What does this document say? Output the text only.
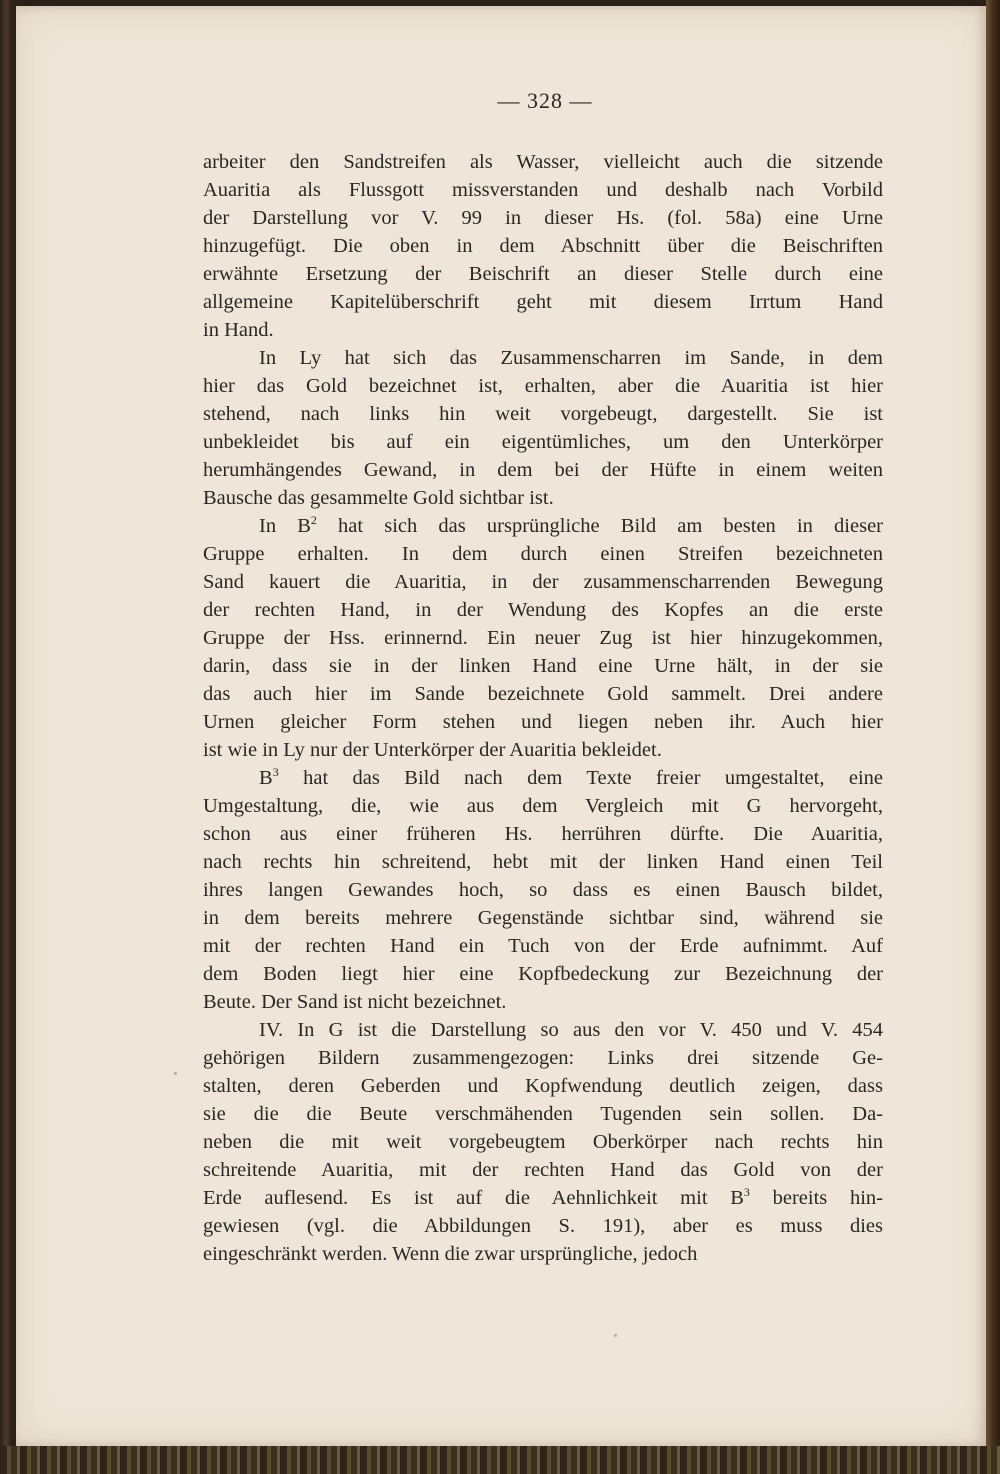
— 328 —
arbeiter den Sandstreifen als Wasser, vielleicht auch die sitzende
Auaritia als Flussgott missverstanden und deshalb nach Vorbild
der Darstellung vor V. 99 in dieser Hs. (fol. 58a) eine Urne
hinzugefügt. Die oben in dem Abschnitt über die Beischriften
erwähnte Ersetzung der Beischrift an dieser Stelle durch eine
allgemeine Kapitelüberschrift geht mit diesem Irrtum Hand
in Hand.
In Ly hat sich das Zusammenscharren im Sande, in dem
hier das Gold bezeichnet ist, erhalten, aber die Auaritia ist hier
stehend, nach links hin weit vorgebeugt, dargestellt. Sie ist
unbekleidet bis auf ein eigentümliches, um den Unterkörper
herumhängendes Gewand, in dem bei der Hüfte in einem weiten
Bausche das gesammelte Gold sichtbar ist.
In $B^2$ hat sich das ursprüngliche Bild am besten in dieser
Gruppe erhalten. In dem durch einen Streifen bezeichneten
Sand kauert die Auaritia, in der zusammenscharrenden Bewegung
der rechten Hand, in der Wendung des Kopfes an die erste
Gruppe der Hss. erinnernd. Ein neuer Zug ist hier hinzugekommen,
darin, dass sie in der linken Hand eine Urne hält, in der sie
das auch hier im Sande bezeichnete Gold sammelt. Drei andere
Urnen gleicher Form stehen und liegen neben ihr. Auch hier
ist wie in Ly nur der Unterkörper der Auaritia bekleidet.
$B^3$ hat das Bild nach dem Texte freier umgestaltet, eine
Umgestaltung, die, wie aus dem Vergleich mit G hervorgeht,
schon aus einer früheren Hs. herrühren dürfte. Die Auaritia,
nach rechts hin schreitend, hebt mit der linken Hand einen Teil
ihres langen Gewandes hoch, so dass es einen Bausch bildet,
in dem bereits mehrere Gegenstände sichtbar sind, während sie
mit der rechten Hand ein Tuch von der Erde aufnimmt. Auf
dem Boden liegt hier eine Kopfbedeckung zur Bezeichnung der
Beute. Der Sand ist nicht bezeichnet.
IV. In G ist die Darstellung so aus den vor V. 450 und V. 454
gehörigen Bildern zusammengezogen: Links drei sitzende Ge-
stalten, deren Geberden und Kopfwendung deutlich zeigen, dass
sie die die Beute verschmähenden Tugenden sein sollen. Da-
neben die mit weit vorgebeugtem Oberkörper nach rechts hin
schreitende Auaritia, mit der rechten Hand das Gold von der
Erde auflesend. Es ist auf die Aehnlichkeit mit $B^3$ bereits hin-
gewiesen (vgl. die Abbildungen S. 191), aber es muss dies
eingeschränkt werden. Wenn die zwar ursprüngliche, jedoch
